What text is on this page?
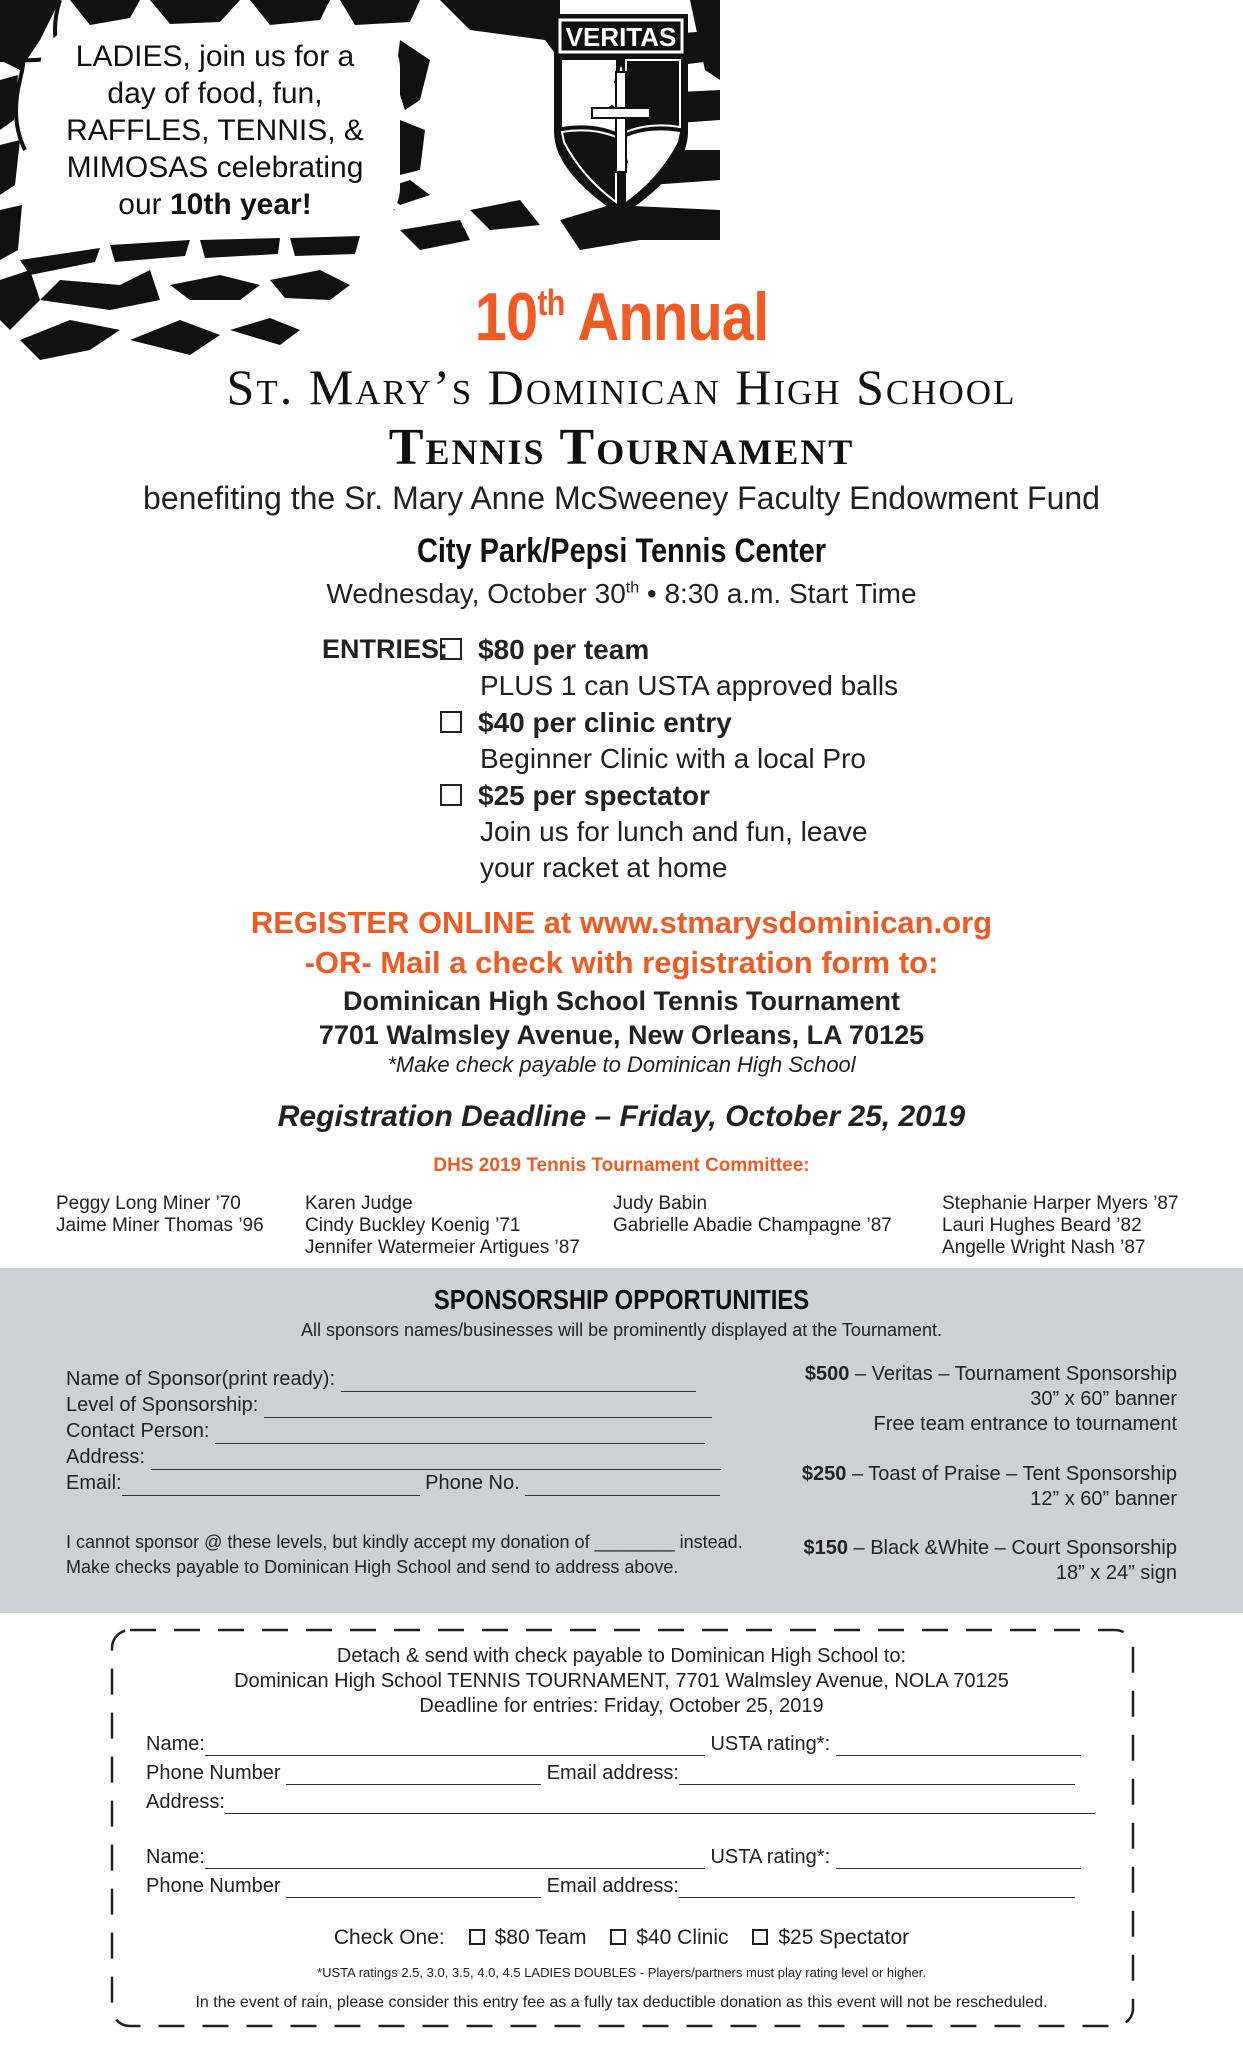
LADIES, join us for a
day of food, fun,
RAFFLES, TENNIS, &
MIMOSAS celebrating
our 10th year!
VERITAS
10th Annual
St. Mary’s Dominican High School
Tennis Tournament
benefiting the Sr. Mary Anne McSweeney Faculty Endowment Fund
City Park/Pepsi Tennis Center
Wednesday, October 30th • 8:30 a.m. Start Time
ENTRIES:	$80 per team
PLUS 1 can USTA approved balls
$40 per clinic entry
Beginner Clinic with a local Pro
$25 per spectator
Join us for lunch and fun, leave
your racket at home
REGISTER ONLINE at www.stmarysdominican.org
-OR- Mail a check with registration form to:
Dominican High School Tennis Tournament
7701 Walmsley Avenue, New Orleans, LA 70125
*Make check payable to Dominican High School
Registration Deadline – Friday, October 25, 2019
DHS 2019 Tennis Tournament Committee:
Peggy Long Miner ’70
Jaime Miner Thomas ’96
Karen Judge
Cindy Buckley Koenig ’71
Jennifer Watermeier Artigues ’87
Judy Babin
Gabrielle Abadie Champagne ’87
Stephanie Harper Myers ’87
Lauri Hughes Beard ’82
Angelle Wright Nash ’87
SPONSORSHIP OPPORTUNITIES
All sponsors names/businesses will be prominently displayed at the Tournament.
Name of Sponsor(print ready):
Level of Sponsorship:
Contact Person:
Address:
Email:	Phone No.
I cannot sponsor @ these levels, but kindly accept my donation of ________ instead. Make checks payable to Dominican High School and send to address above.
$500 – Veritas – Tournament Sponsorship
30” x 60” banner
Free team entrance to tournament
$250 – Toast of Praise – Tent Sponsorship
12” x 60” banner
$150 – Black &White – Court Sponsorship
18” x 24” sign
Detach & send with check payable to Dominican High School to:
Dominican High School TENNIS TOURNAMENT, 7701 Walmsley Avenue, NOLA 70125
Deadline for entries: Friday, October 25, 2019
Name:	USTA rating*:
Phone Number	Email address:
Address:
Name:	USTA rating*:
Phone Number	Email address:
Check One: $80 Team $40 Clinic $25 Spectator
*USTA ratings 2.5, 3.0, 3.5, 4.0, 4.5 LADIES DOUBLES - Players/partners must play rating level or higher.
In the event of rain, please consider this entry fee as a fully tax deductible donation as this event will not be rescheduled.
